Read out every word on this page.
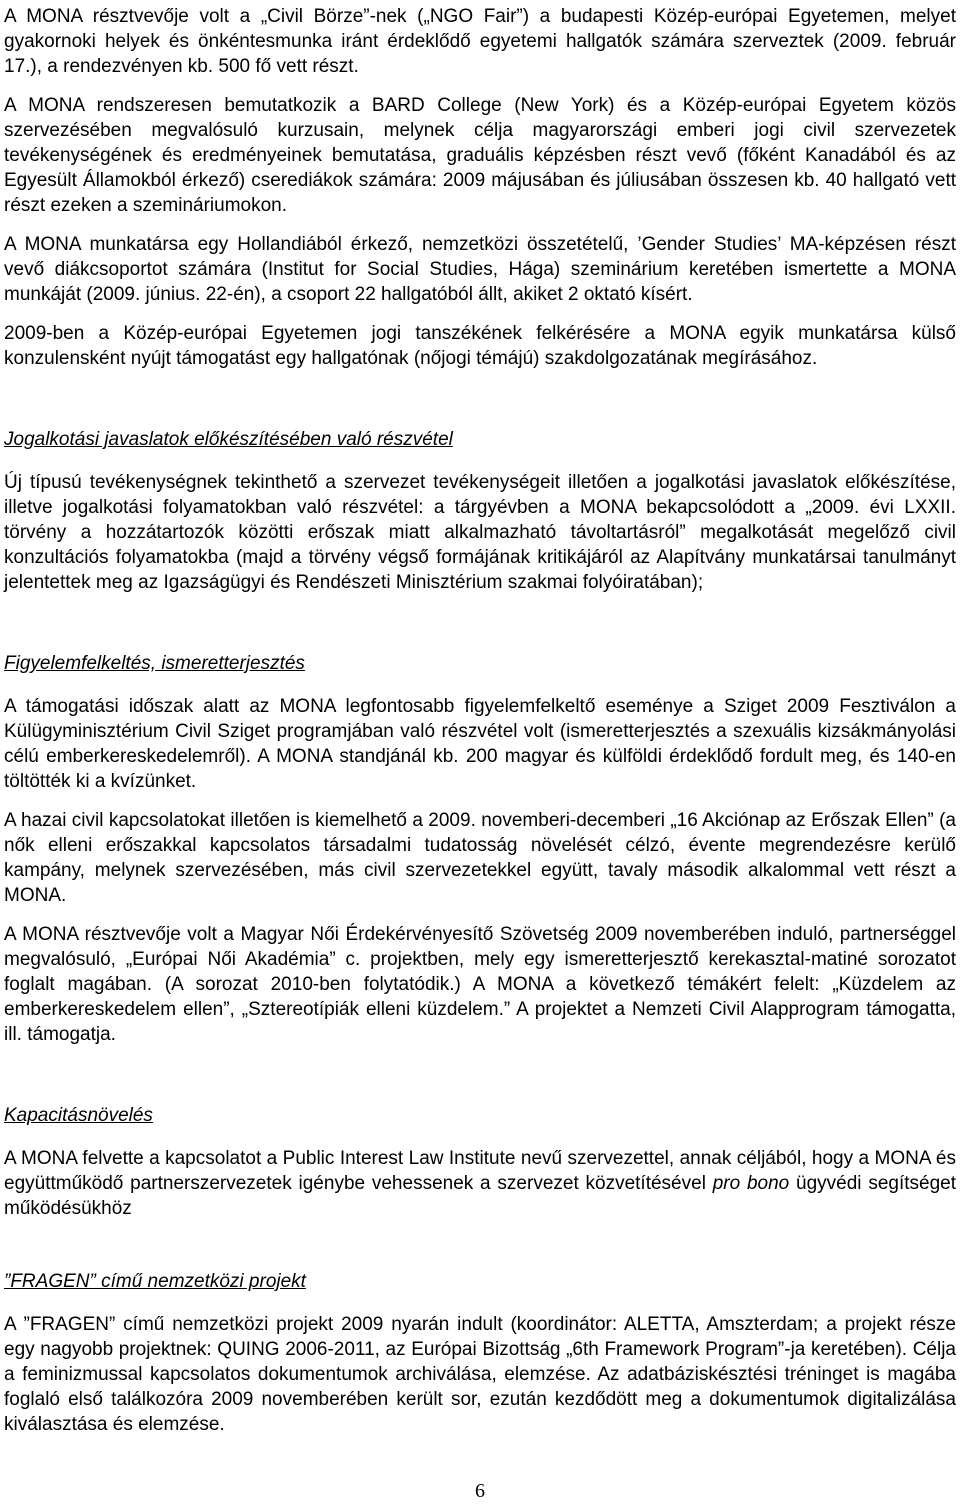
A MONA résztvevője volt a „Civil Börze”-nek („NGO Fair”) a budapesti Közép-európai Egyetemen, melyet gyakornoki helyek és önkéntesmunka iránt érdeklődő egyetemi hallgatók számára szerveztek (2009. február 17.), a rendezvényen kb. 500 fő vett részt.

A MONA rendszeresen bemutatkozik a BARD College (New York) és a Közép-európai Egyetem közös szervezésében megvalósuló kurzusain, melynek célja magyarországi emberi jogi civil szervezetek tevékenységének és eredményeinek bemutatása, graduális képzésben részt vevő (főként Kanadából és az Egyesült Államokból érkező) cserediákok számára: 2009 májusában és júliusában összesen kb. 40 hallgató vett részt ezeken a szemináriumokon.

A MONA munkatársa egy Hollandiából érkező, nemzetközi összetételű, ’Gender Studies’ MA-képzésen részt vevő diákcsoportot számára (Institut for Social Studies, Hága) szeminárium keretében ismertette a MONA munkáját (2009. június. 22-én), a csoport 22 hallgatóból állt, akiket 2 oktató kísért.

2009-ben a Közép-európai Egyetemen jogi tanszékének felkérésére a MONA egyik munkatársa külső konzulensként nyújt támogatást egy hallgatónak (nőjogi témájú) szakdolgozatának megírásához.

Jogalkotási javaslatok előkészítésében való részvétel

Új típusú tevékenységnek tekinthető a szervezet tevékenységeit illetően a jogalkotási javaslatok előkészítése, illetve jogalkotási folyamatokban való részvétel: a tárgyévben a MONA bekapcsolódott a „2009. évi LXXII. törvény a hozzátartozók közötti erőszak miatt alkalmazható távoltartásról” megalkotását megelőző civil konzultációs folyamatokba (majd a törvény végső formájának kritikájáról az Alapítvány munkatársai tanulmányt jelentettek meg az Igazságügyi és Rendészeti Minisztérium szakmai folyóiratában);

Figyelemfelkeltés, ismeretterjesztés

A támogatási időszak alatt az MONA legfontosabb figyelemfelkeltő eseménye a Sziget 2009 Fesztiválon a Külügyminisztérium Civil Sziget programjában való részvétel volt (ismeretterjesztés a szexuális kizsákmányolási célú emberkereskedelemről). A MONA standjánál kb. 200 magyar és külföldi érdeklődő fordult meg, és 140-en töltötték ki a kvízünket.

A hazai civil kapcsolatokat illetően is kiemelhető a 2009. novemberi-decemberi „16 Akciónap az Erőszak Ellen” (a nők elleni erőszakkal kapcsolatos társadalmi tudatosság növelését célzó, évente megrendezésre kerülő kampány, melynek szervezésében, más civil szervezetekkel együtt, tavaly második alkalommal vett részt a MONA.

A MONA résztvevője volt a Magyar Női Érdekérvényesítő Szövetség 2009 novemberében induló, partnerséggel megvalósuló, „Európai Női Akadémia” c. projektben, mely egy ismeretterjesztő kerekasztal-matiné sorozatot foglalt magában. (A sorozat 2010-ben folytatódik.) A MONA a következő témákért felelt: „Küzdelem az emberkereskedelem ellen”, „Sztereotípiák elleni küzdelem.” A projektet a Nemzeti Civil Alapprogram támogatta, ill. támogatja.

Kapacitásnövelés

A MONA felvette a kapcsolatot a Public Interest Law Institute nevű szervezettel, annak céljából, hogy a MONA és együttműködő partnerszervezetek igénybe vehessenek a szervezet közvetítésével pro bono ügyvédi segítséget működésükhöz

”FRAGEN” című nemzetközi projekt

A ”FRAGEN” című nemzetközi projekt 2009 nyarán indult (koordinátor: ALETTA, Amszterdam; a projekt része egy nagyobb projektnek: QUING 2006-2011, az Európai Bizottság „6th Framework Program”-ja keretében). Célja a feminizmussal kapcsolatos dokumentumok archiválása, elemzése. Az adatbáziskésztési tréninget is magába foglaló első találkozóra 2009 novemberében került sor, ezután kezdődött meg a dokumentumok digitalizálása kiválasztása és elemzése.

6
